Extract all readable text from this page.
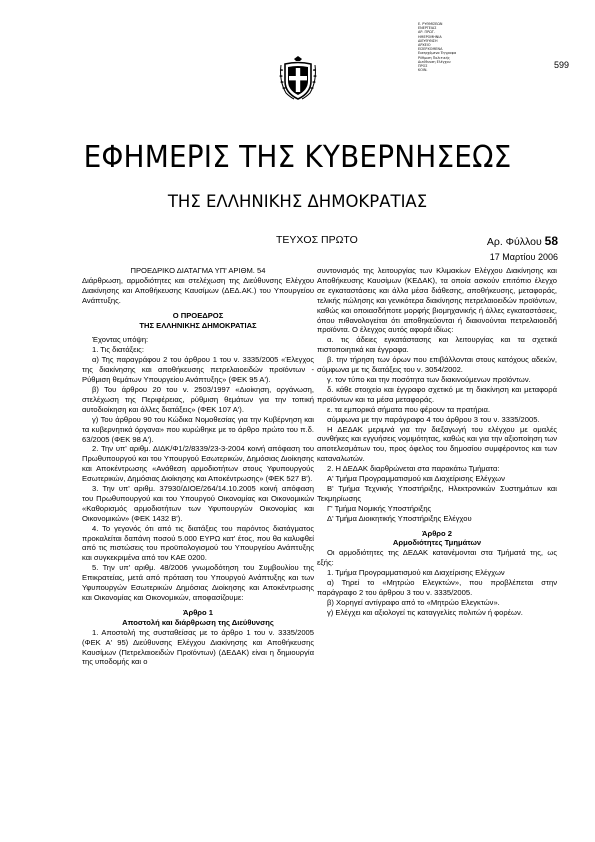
599
Ε. ΡΥΘΜΙΣΕΩΝ
ΕΝΕΡΓΕΙΑΣ
ΑΡ. ΠΡΩΤ.
ΗΜΕΡΟΜΗΝΙΑ
ΔΙΕΥΘΥΝΣΗ
ΑΡΧΕΙΟ
ΕΙΣΕΡΧΟΜΕΝΑ
Εισερχόμενα Έγγραφα
Ρύθμιση Πολιτικής
Διεύθυνση Ελέγχου
ΠΡΟΣ
ΚΟΙΝ.
ΕΦΗΜΕΡΙΣ ΤΗΣ ΚΥΒΕΡΝΗΣΕΩΣ
ΤΗΣ ΕΛΛΗΝΙΚΗΣ ΔΗΜΟΚΡΑΤΙΑΣ
ΤΕΥΧΟΣ ΠΡΩΤΟ	Αρ. Φύλλου 58
17 Μαρτίου 2006

ΠΡΟΕΔΡΙΚΟ ΔΙΑΤΑΓΜΑ ΥΠ' ΑΡΙΘΜ. 54

Διάρθρωση, αρμοδιότητες και στελέχωση της Διεύθυνσης Ελέγχου Διακίνησης και Αποθήκευσης Καυσίμων (ΔΕΔ.ΑΚ.) του Υπουργείου Ανάπτυξης.

Ο ΠΡΟΕΔΡΟΣ

ΤΗΣ ΕΛΛΗΝΙΚΗΣ ΔΗΜΟΚΡΑΤΙΑΣ

Έχοντας υπόψη:

1. Τις διατάξεις:

α) Της παραγράφου 2 του άρθρου 1 του ν. 3335/2005 «Έλεγχος της διακίνησης και αποθήκευσης πετρελαιοειδών προϊόντων - Ρύθμιση θεμάτων Υπουργείου Ανάπτυξης» (ΦΕΚ 95 Α').

β) Του άρθρου 20 του ν. 2503/1997 «Διοίκηση, οργάνωση, στελέχωση της Περιφέρειας, ρύθμιση θεμάτων για την τοπική αυτοδιοίκηση και άλλες διατάξεις» (ΦΕΚ 107 Α').

γ) Του άρθρου 90 του Κώδικα Νομοθεσίας για την Κυβέρνηση και τα κυβερνητικά όργανα» που κυρώθηκε με το άρθρο πρώτο του π.δ. 63/2005 (ΦΕΚ 98 Α').

2. Την υπ' αριθμ. ΔΙΔΚ/Φ1/2/8339/23-3-2004 κοινή απόφαση του Πρωθυπουργού και του Υπουργού Εσωτερικών, Δημόσιας Διοίκησης και Αποκέντρωσης «Ανάθεση αρμοδιοτήτων στους Υφυπουργούς Εσωτερικών, Δημόσιας Διοίκησης και Αποκέντρωσης» (ΦΕΚ 527 Β').

3. Την υπ' αριθμ. 37930/ΔΙΟΕ/264/14.10.2005 κοινή απόφαση του Πρωθυπουργού και του Υπουργού Οικονομίας και Οικονομικών «Καθορισμός αρμοδιοτήτων των Υφυπουργών Οικονομίας και Οικονομικών» (ΦΕΚ 1432 Β').

4. Το γεγονός ότι από τις διατάξεις του παρόντος διατάγματος προκαλείται δαπάνη ποσού 5.000 ΕΥΡΩ κατ' έτος, που θα καλυφθεί από τις πιστώσεις του προϋπολογισμού του Υπουργείου Ανάπτυξης και συγκεκριμένα από τον ΚΑΕ 0200.

5. Την υπ' αριθμ. 48/2006 γνωμοδότηση του Συμβουλίου της Επικρατείας, μετά από πρόταση του Υπουργού Ανάπτυξης και των Υφυπουργών Εσωτερικών Δημόσιας Διοίκησης και Αποκέντρωσης και Οικονομίας και Οικονομικών, αποφασίζουμε:

Άρθρο 1

Αποστολή και διάρθρωση της Διεύθυνσης

1. Αποστολή της συσταθείσας με το άρθρο 1 του ν. 3335/2005 (ΦΕΚ Α' 95) Διεύθυνσης Ελέγχου Διακίνησης και Αποθήκευσης Καυσίμων (Πετρελαιοειδών Προϊόντων) (ΔΕΔΑΚ) είναι η δημιουργία της υποδομής και ο

συντονισμός της λειτουργίας των Κλιμακίων Ελέγχου Διακίνησης και Αποθήκευσης Καυσίμων (ΚΕΔΑΚ), τα οποία ασκούν επιτόπιο έλεγχο σε εγκαταστάσεις και άλλα μέσα διάθεσης, αποθήκευσης, μεταφοράς, τελικής πώλησης και γενικότερα διακίνησης πετρελαιοειδών προϊόντων, καθώς και οποιασδήποτε μορφής βιομηχανικής ή άλλες εγκαταστάσεις, όπου πιθανολογείται ότι αποθηκεύονται ή διακινούνται πετρελαιοειδή προϊόντα. Ο έλεγχος αυτός αφορά ιδίως:

α. τις άδειες εγκατάστασης και λειτουργίας και τα σχετικά πιστοποιητικά και έγγραφα.

β. την τήρηση των όρων που επιβάλλονται στους κατόχους αδειών, σύμφωνα με τις διατάξεις του ν. 3054/2002.

γ. τον τύπο και την ποσότητα των διακινούμενων προϊόντων.

δ. κάθε στοιχείο και έγγραφο σχετικό με τη διακίνηση και μεταφορά προϊόντων και τα μέσα μεταφοράς.

ε. τα εμπορικά σήματα που φέρουν τα πρατήρια.

σύμφωνα με την παράγραφο 4 του άρθρου 3 του ν. 3335/2005.

Η ΔΕΔΑΚ μεριμνά για την διεξαγωγή του ελέγχου με ομαλές συνθήκες και εγγυήσεις νομιμότητας, καθώς και για την αξιοποίηση των αποτελεσμάτων του, προς όφελος του δημοσίου συμφέροντος και των καταναλωτών.

2. Η ΔΕΔΑΚ διαρθρώνεται στα παρακάτω Τμήματα:

Α' Τμήμα Προγραμματισμού και Διαχείρισης Ελέγχων

Β' Τμήμα Τεχνικής Υποστήριξης, Ηλεκτρονικών Συστημάτων και Τεκμηρίωσης

Γ' Τμήμα Νομικής Υποστήριξης

Δ' Τμήμα Διοικητικής Υποστήριξης Ελέγχου

Άρθρο 2

Αρμοδιότητες Τμημάτων

Οι αρμοδιότητες της ΔΕΔΑΚ κατανέμονται στα Τμήματά της, ως εξής:

1. Τμήμα Προγραμματισμού και Διαχείρισης Ελέγχων

α) Τηρεί το «Μητρώο Ελεγκτών», που προβλέπεται στην παράγραφο 2 του άρθρου 3 του ν. 3335/2005.

β) Χορηγεί αντίγραφο από το «Μητρώο Ελεγκτών».

γ) Ελέγχει και αξιολογεί τις καταγγελίες πολιτών ή φορέων.
